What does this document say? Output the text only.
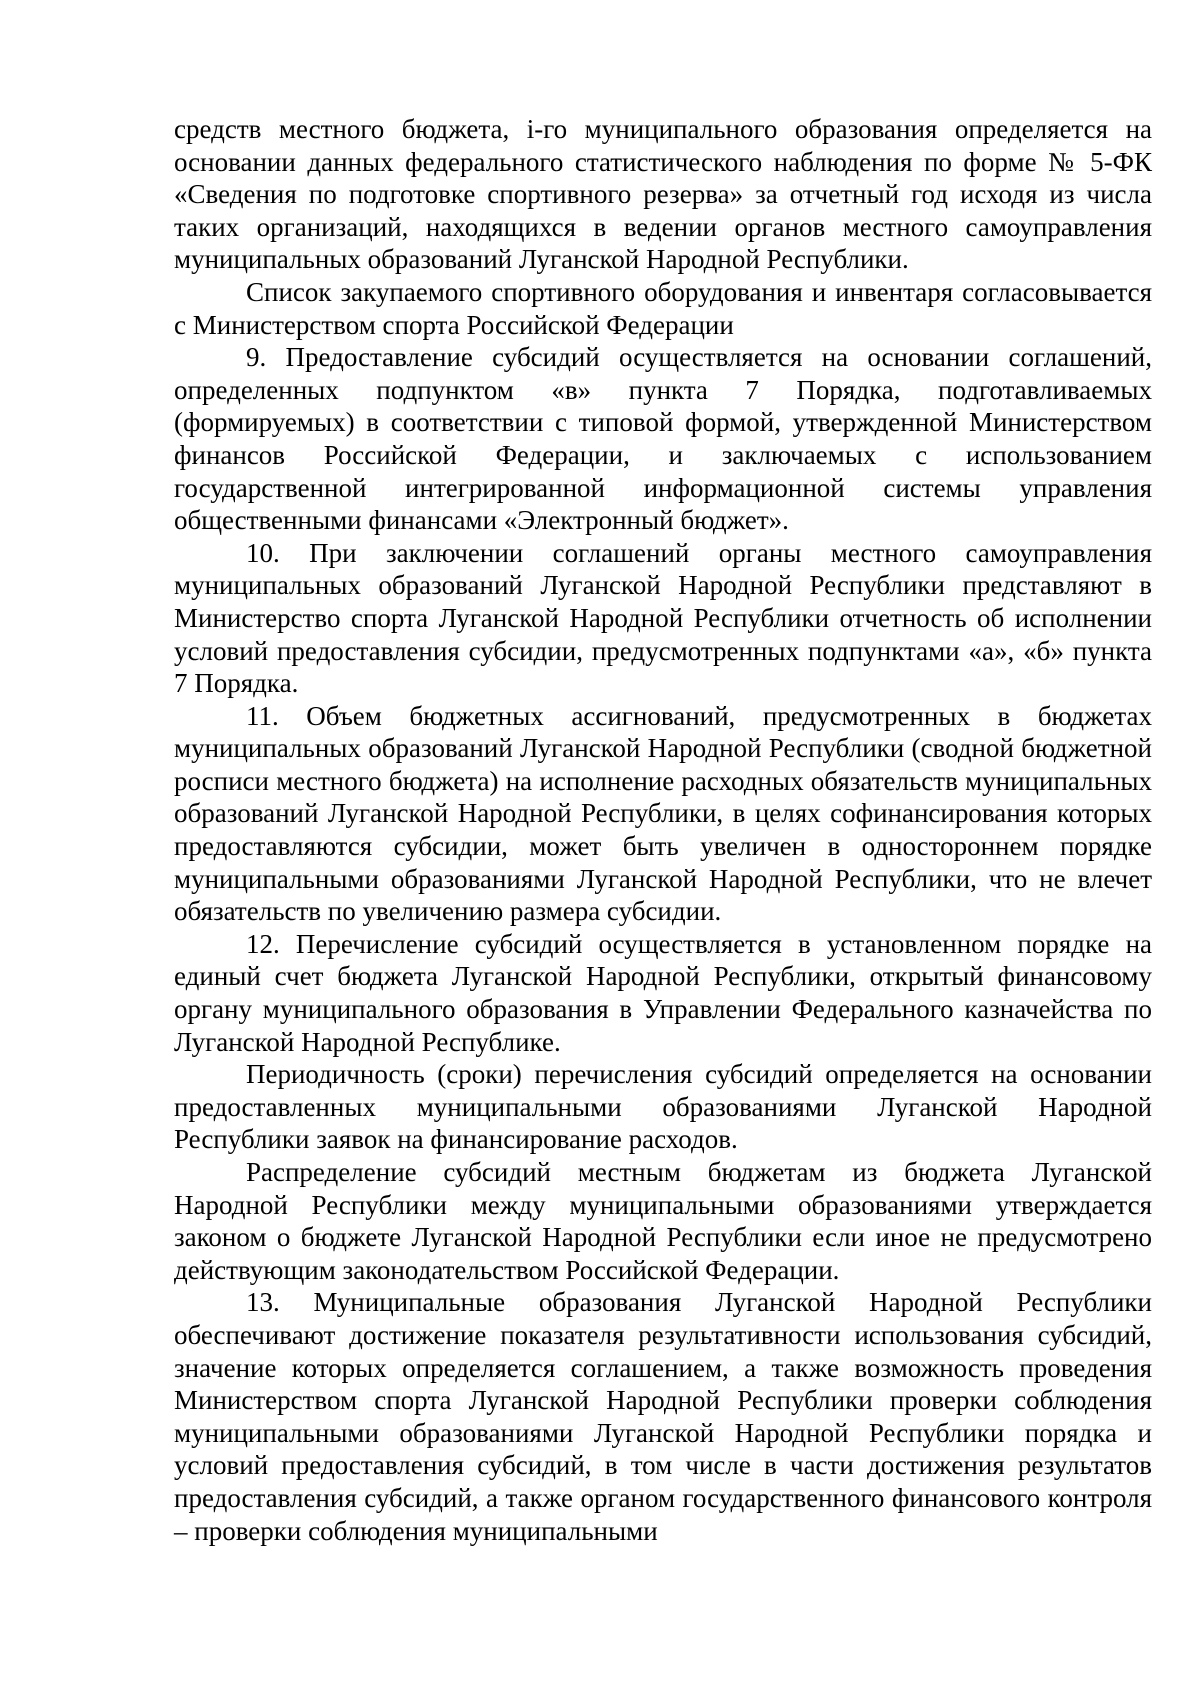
средств местного бюджета, i-го муниципального образования определяется на основании данных федерального статистического наблюдения по форме № 5-ФК «Сведения по подготовке спортивного резерва» за отчетный год исходя из числа таких организаций, находящихся в ведении органов местного самоуправления муниципальных образований Луганской Народной Республики.

Список закупаемого спортивного оборудования и инвентаря согласовывается с Министерством спорта Российской Федерации

9. Предоставление субсидий осуществляется на основании соглашений, определенных подпунктом «в» пункта 7 Порядка, подготавливаемых (формируемых) в соответствии с типовой формой, утвержденной Министерством финансов Российской Федерации, и заключаемых с использованием государственной интегрированной информационной системы управления общественными финансами «Электронный бюджет».

10. При заключении соглашений органы местного самоуправления муниципальных образований Луганской Народной Республики представляют в Министерство спорта Луганской Народной Республики отчетность об исполнении условий предоставления субсидии, предусмотренных подпунктами «а», «б» пункта 7 Порядка.

11. Объем бюджетных ассигнований, предусмотренных в бюджетах муниципальных образований Луганской Народной Республики (сводной бюджетной росписи местного бюджета) на исполнение расходных обязательств муниципальных образований Луганской Народной Республики, в целях софинансирования которых предоставляются субсидии, может быть увеличен в одностороннем порядке муниципальными образованиями Луганской Народной Республики, что не влечет обязательств по увеличению размера субсидии.

12. Перечисление субсидий осуществляется в установленном порядке на единый счет бюджета Луганской Народной Республики, открытый финансовому органу муниципального образования в Управлении Федерального казначейства по Луганской Народной Республике.

Периодичность (сроки) перечисления субсидий определяется на основании предоставленных муниципальными образованиями Луганской Народной Республики заявок на финансирование расходов.

Распределение субсидий местным бюджетам из бюджета Луганской Народной Республики между муниципальными образованиями утверждается законом о бюджете Луганской Народной Республики если иное не предусмотрено действующим законодательством Российской Федерации.

13. Муниципальные образования Луганской Народной Республики обеспечивают достижение показателя результативности использования субсидий, значение которых определяется соглашением, а также возможность проведения Министерством спорта Луганской Народной Республики проверки соблюдения муниципальными образованиями Луганской Народной Республики порядка и условий предоставления субсидий, в том числе в части достижения результатов предоставления субсидий, а также органом государственного финансового контроля – проверки соблюдения муниципальными
